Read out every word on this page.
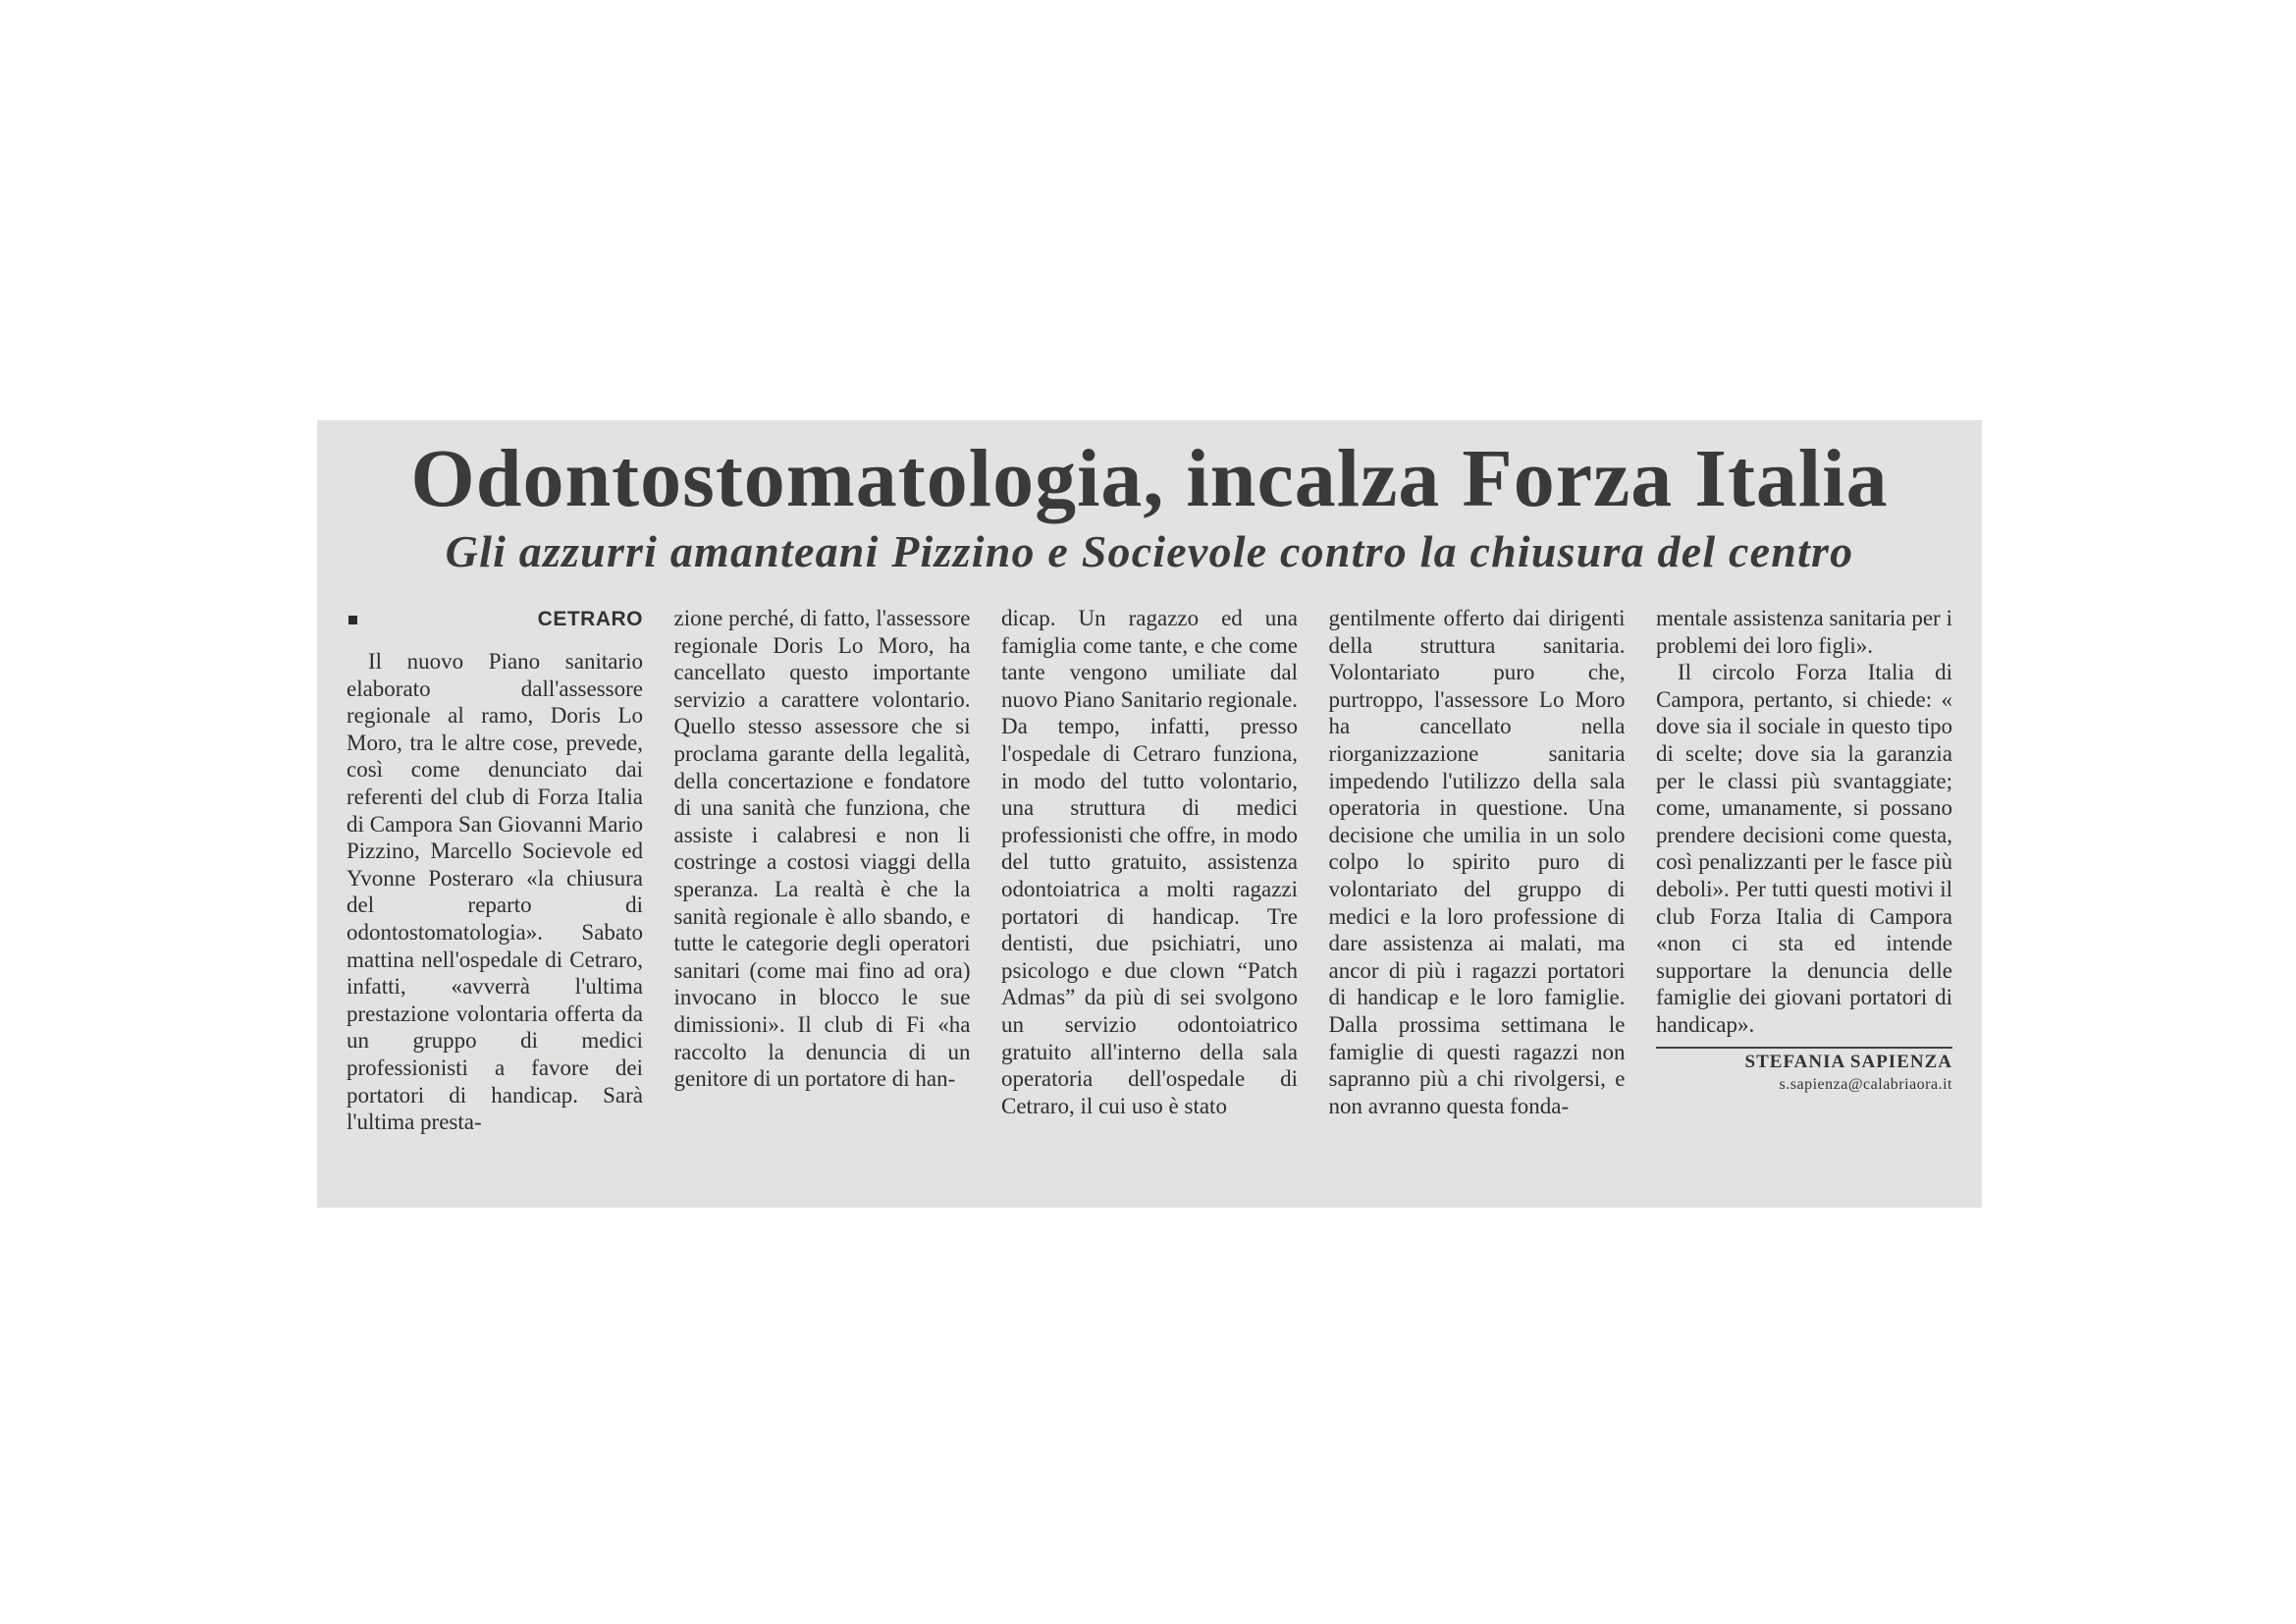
Odontostomatologia, incalza Forza Italia
Gli azzurri amanteani Pizzino e Socievole contro la chiusura del centro
CETRARO

Il nuovo Piano sanitario elaborato dall'assessore regionale al ramo, Doris Lo Moro, tra le altre cose, prevede, così come denunciato dai referenti del club di Forza Italia di Campora San Giovanni Mario Pizzino, Marcello Socievole ed Yvonne Posteraro «la chiusura del reparto di odontostomatologia». Sabato mattina nell'ospedale di Cetraro, infatti, «avverrà l'ultima prestazione volontaria offerta da un gruppo di medici professionisti a favore dei portatori di handicap. Sarà l'ultima presta-

zione perché, di fatto, l'assessore regionale Doris Lo Moro, ha cancellato questo importante servizio a carattere volontario. Quello stesso assessore che si proclama garante della legalità, della concertazione e fondatore di una sanità che funziona, che assiste i calabresi e non li costringe a costosi viaggi della speranza. La realtà è che la sanità regionale è allo sbando, e tutte le categorie degli operatori sanitari (come mai fino ad ora) invocano in blocco le sue dimissioni». Il club di Fi «ha raccolto la denuncia di un genitore di un portatore di han-

dicap. Un ragazzo ed una famiglia come tante, e che come tante vengono umiliate dal nuovo Piano Sanitario regionale. Da tempo, infatti, presso l'ospedale di Cetraro funziona, in modo del tutto volontario, una struttura di medici professionisti che offre, in modo del tutto gratuito, assistenza odontoiatrica a molti ragazzi portatori di handicap. Tre dentisti, due psichiatri, uno psicologo e due clown “Patch Admas” da più di sei svolgono un servizio odontoiatrico gratuito all'interno della sala operatoria dell'ospedale di Cetraro, il cui uso è stato

gentilmente offerto dai dirigenti della struttura sanitaria. Volontariato puro che, purtroppo, l'assessore Lo Moro ha cancellato nella riorganizzazione sanitaria impedendo l'utilizzo della sala operatoria in questione. Una decisione che umilia in un solo colpo lo spirito puro di volontariato del gruppo di medici e la loro professione di dare assistenza ai malati, ma ancor di più i ragazzi portatori di handicap e le loro famiglie. Dalla prossima settimana le famiglie di questi ragazzi non sapranno più a chi rivolgersi, e non avranno questa fonda-

mentale assistenza sanitaria per i problemi dei loro figli».

Il circolo Forza Italia di Campora, pertanto, si chiede: « dove sia il sociale in questo tipo di scelte; dove sia la garanzia per le classi più svantaggiate; come, umanamente, si possano prendere decisioni come questa, così penalizzanti per le fasce più deboli». Per tutti questi motivi il club Forza Italia di Campora «non ci sta ed intende supportare la denuncia delle famiglie dei giovani portatori di handicap».

STEFANIA SAPIENZA
s.sapienza@calabriaora.it
